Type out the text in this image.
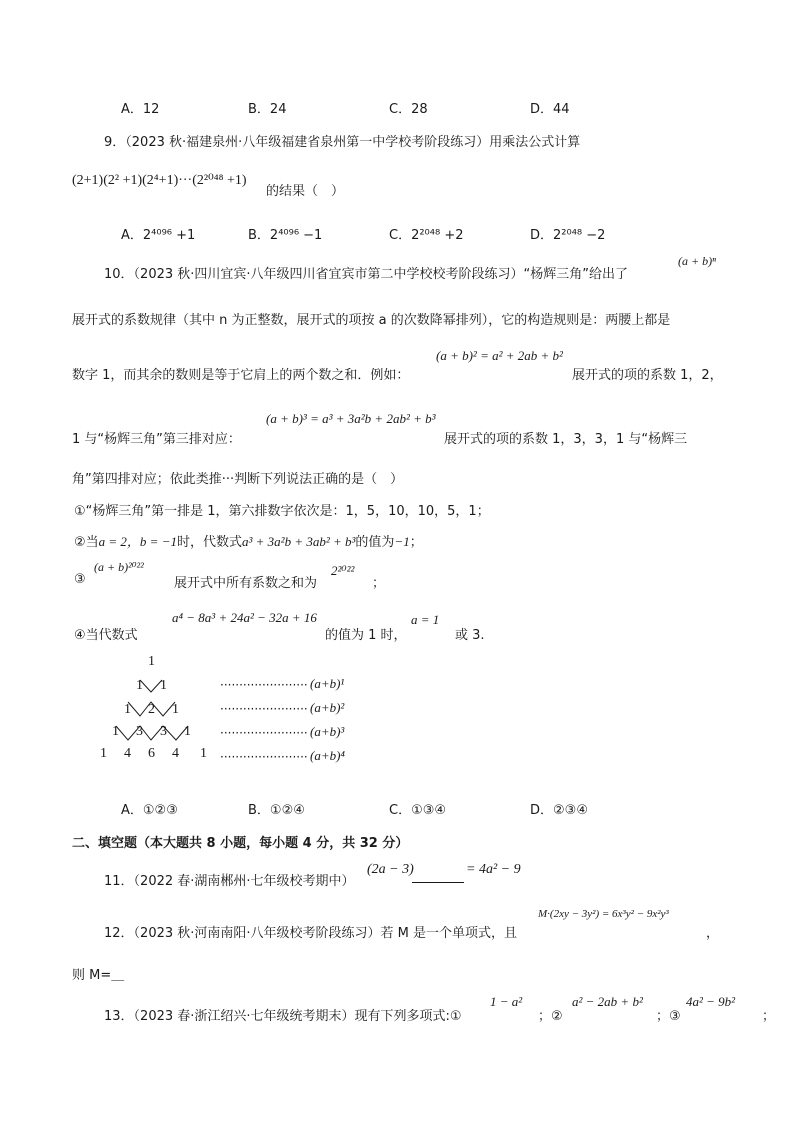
A．12	B．24	C．28	D．44
9．（2023 秋·福建泉州·八年级福建省泉州第一中学校考阶段练习）用乘法公式计算
(2+1)(2² +1)(2⁴+1)···(2²⁰⁴⁸ +1)
的结果（　）
A．2⁴⁰⁹⁶ +1	B．2⁴⁰⁹⁶ −1	C．2²⁰⁴⁸ +2	D．2²⁰⁴⁸ −2
10．（2023 秋·四川宜宾·八年级四川省宜宾市第二中学校校考阶段练习）“杨辉三角”给出了
(a + b)ⁿ
展开式的系数规律（其中 n 为正整数，展开式的项按 a 的次数降幂排列），它的构造规则是：两腰上都是
数字 1，而其余的数则是等于它肩上的两个数之和．例如：
(a + b)² = a² + 2ab + b²
展开式的项的系数 1，2，
1 与“杨辉三角”第三排对应：
(a + b)³ = a³ + 3a²b + 2ab² + b³
展开式的项的系数 1，3，3，1 与“杨辉三
角”第四排对应；依此类推···判断下列说法正确的是（　）
①“杨辉三角”第一排是 1，第六排数字依次是：1，5，10，10，5，1；
②当a = 2，b = −1时，代数式a³ + 3a²b + 3ab² + b³的值为−1；
③
(a + b)²⁰²²
展开式中所有系数之和为
2²⁰²²
；
④当代数式
a⁴ − 8a³ + 24a² − 32a + 16
的值为 1 时，
a = 1
或 3.
1
1 1
1 2 1
1 3 3 1
1 4 6 4 1
······················· (a+b)¹
······················· (a+b)²
······················· (a+b)³
······················· (a+b)⁴
A．①②③	B．①②④	C．①③④	D．②③④
二、填空题（本大题共 8 小题，每小题 4 分，共 32 分）
11．（2022 春·湖南郴州·七年级校考期中）
(2a − 3)	= 4a² − 9
12．（2023 秋·河南南阳·八年级校考阶段练习）若 M 是一个单项式，且
M·(2xy − 3y²) = 6x³y² − 9x²y³
，
则 M=＿
13．（2023 春·浙江绍兴·七年级统考期末）现有下列多项式:①
1 − a²
；②
a² − 2ab + b²
；③
4a² − 9b²
；
